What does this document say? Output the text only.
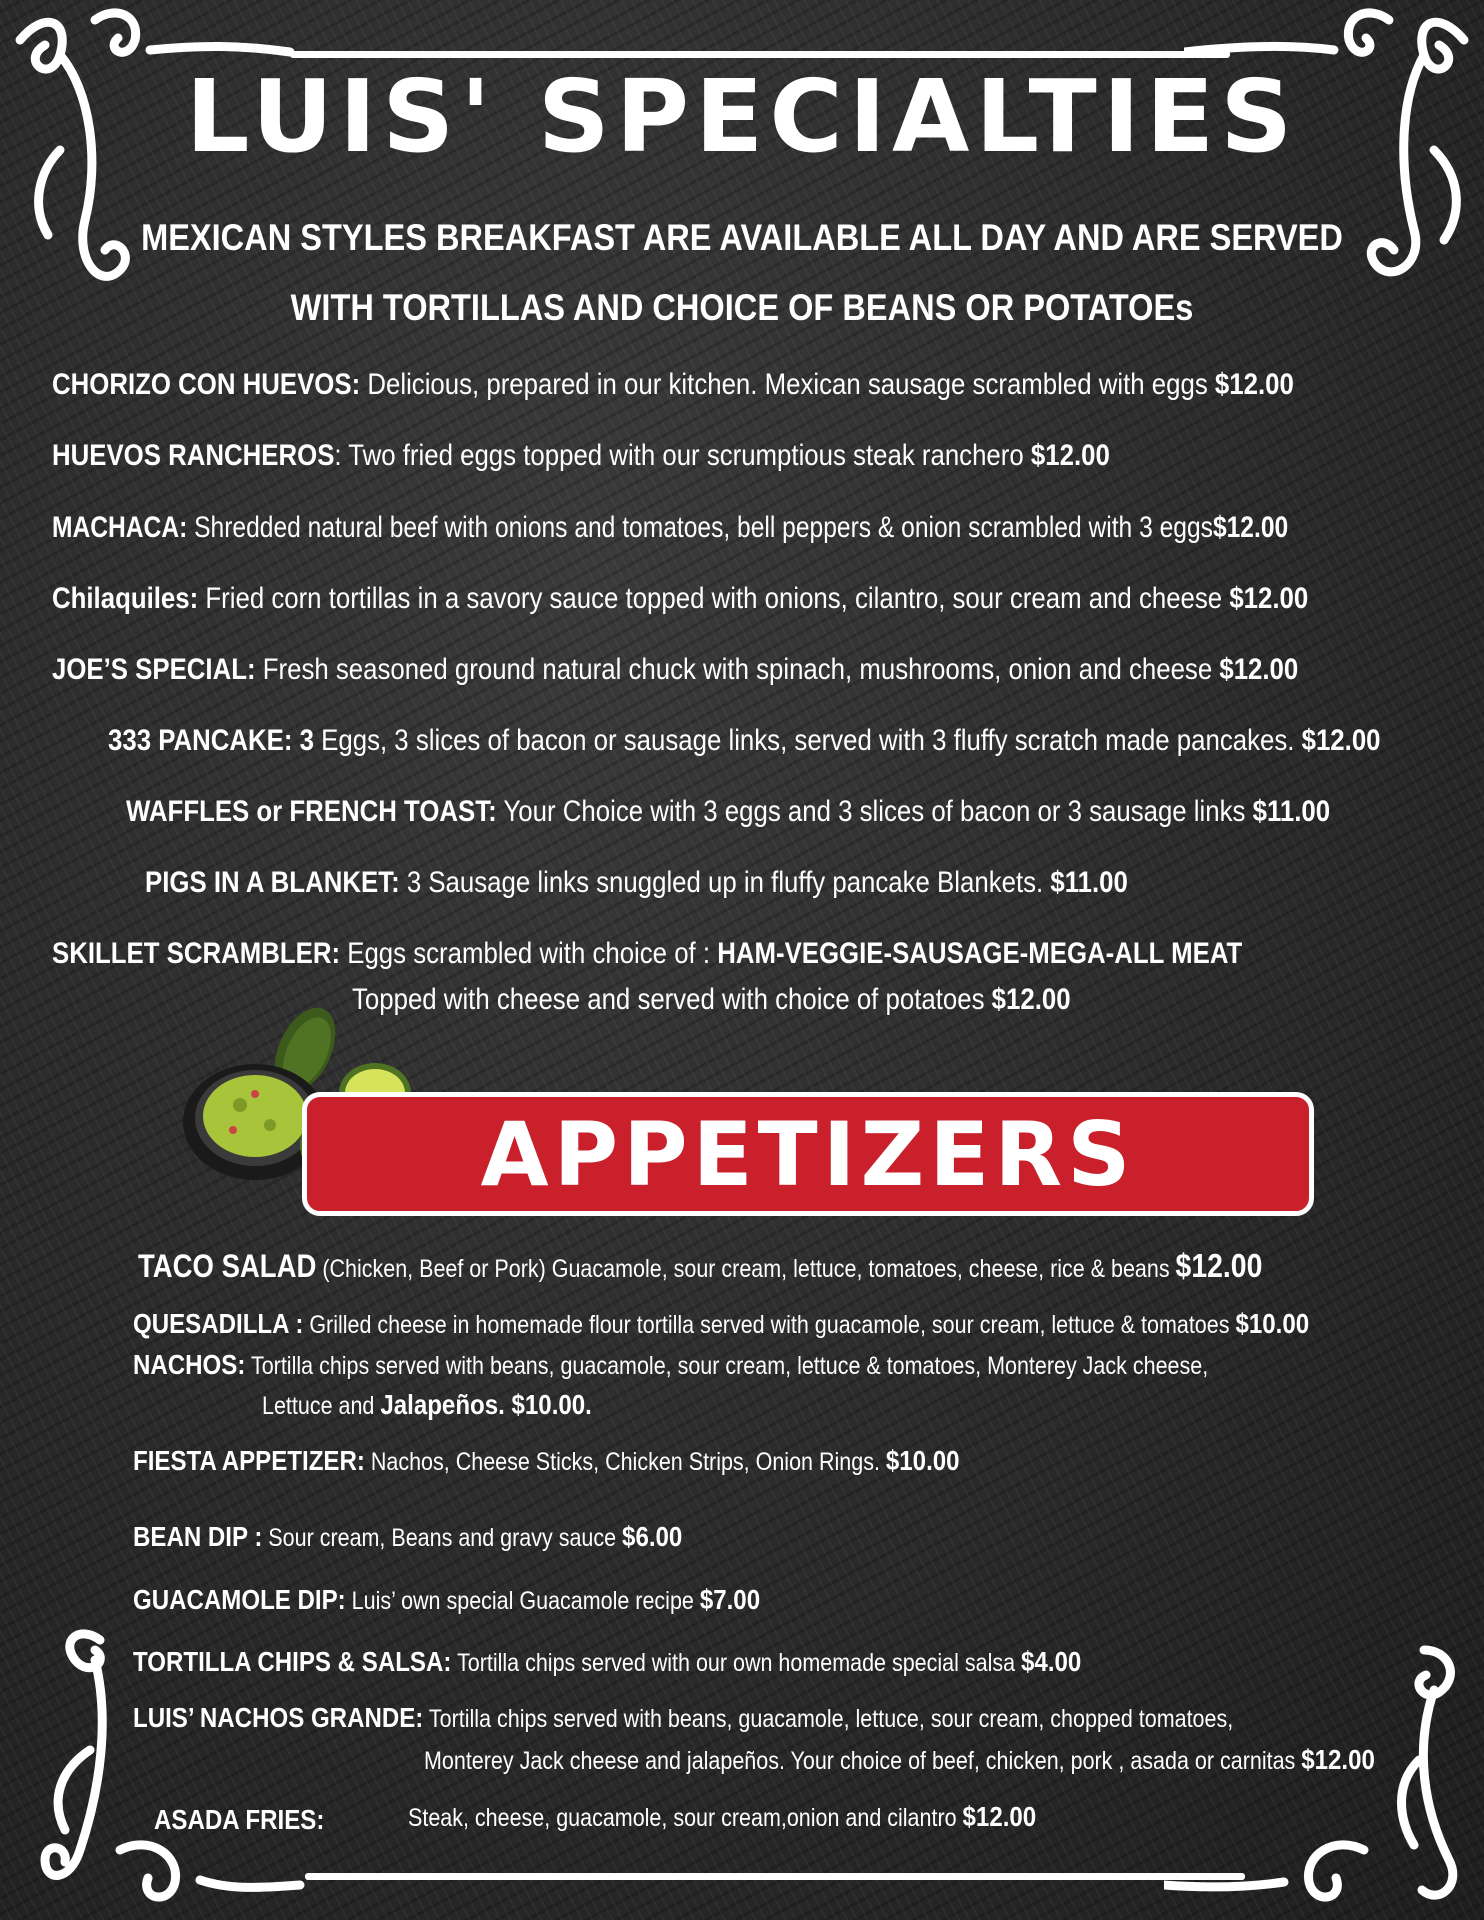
LUIS' SPECIALTIES
MEXICAN STYLES BREAKFAST ARE AVAILABLE ALL DAY AND ARE SERVED
WITH TORTILLAS AND CHOICE OF BEANS OR POTATOEs
CHORIZO CON HUEVOS: Delicious, prepared in our kitchen. Mexican sausage scrambled with eggs $12.00
HUEVOS RANCHEROS: Two fried eggs topped with our scrumptious steak ranchero $12.00
MACHACA: Shredded natural beef with onions and tomatoes, bell peppers & onion scrambled with 3 eggs$12.00
Chilaquiles: Fried corn tortillas in a savory sauce topped with onions, cilantro, sour cream and cheese $12.00
JOE’S SPECIAL: Fresh seasoned ground natural chuck with spinach, mushrooms, onion and cheese $12.00
333 PANCAKE: 3 Eggs, 3 slices of bacon or sausage links, served with 3 fluffy scratch made pancakes. $12.00
WAFFLES or FRENCH TOAST: Your Choice with 3 eggs and 3 slices of bacon or 3 sausage links $11.00
PIGS IN A BLANKET: 3 Sausage links snuggled up in fluffy pancake Blankets. $11.00
SKILLET SCRAMBLER: Eggs scrambled with choice of : HAM-VEGGIE-SAUSAGE-MEGA-ALL MEAT
Topped with cheese and served with choice of potatoes $12.00
APPETIZERS
TACO SALAD (Chicken, Beef or Pork) Guacamole, sour cream, lettuce, tomatoes, cheese, rice & beans $12.00
QUESADILLA : Grilled cheese in homemade flour tortilla served with guacamole, sour cream, lettuce & tomatoes $10.00
NACHOS: Tortilla chips served with beans, guacamole, sour cream, lettuce & tomatoes, Monterey Jack cheese,
Lettuce and Jalapeños. $10.00.
FIESTA APPETIZER: Nachos, Cheese Sticks, Chicken Strips, Onion Rings. $10.00
BEAN DIP : Sour cream, Beans and gravy sauce $6.00
GUACAMOLE DIP: Luis’ own special Guacamole recipe $7.00
TORTILLA CHIPS & SALSA: Tortilla chips served with our own homemade special salsa $4.00
LUIS’ NACHOS GRANDE: Tortilla chips served with beans, guacamole, lettuce, sour cream, chopped tomatoes,
Monterey Jack cheese and jalapeños. Your choice of beef, chicken, pork , asada or carnitas $12.00
ASADA FRIES:	Steak, cheese, guacamole, sour cream,onion and cilantro $12.00
